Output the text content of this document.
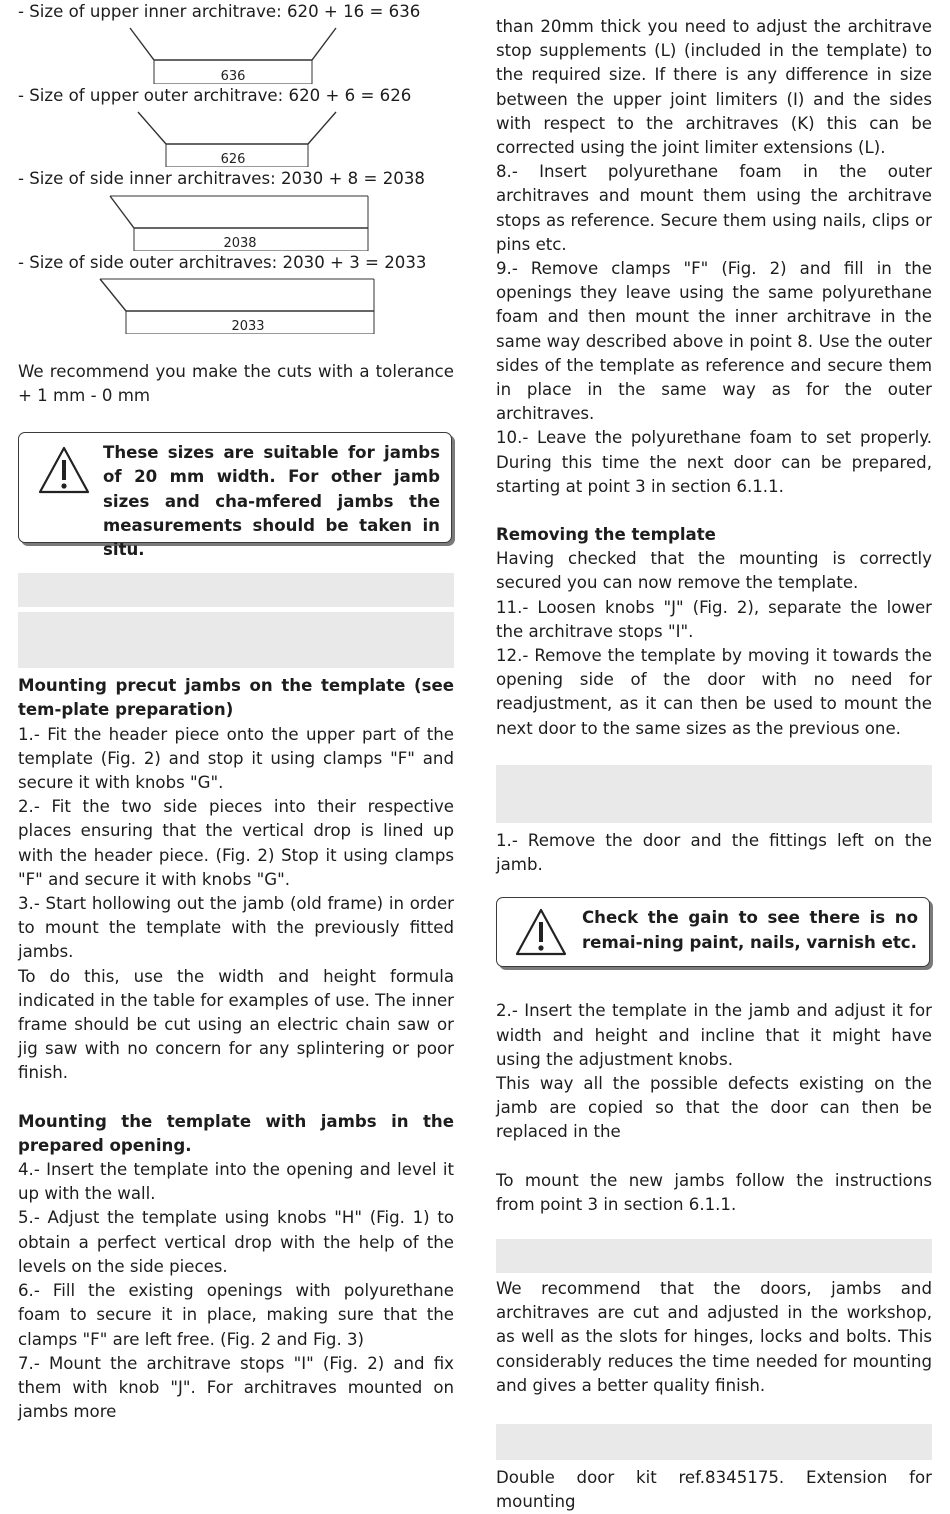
- Size of upper inner architrave: 620 + 16 = 636
636
- Size of upper outer architrave: 620 + 6 = 626
626
- Size of side inner architraves: 2030 + 8 = 2038
2038
- Size of side outer architraves: 2030 + 3 = 2033
2033

We recommend you make the cuts with a tolerance + 1 mm - 0 mm

These sizes are suitable for jambs of 20 mm width. For other jamb sizes and cha-mfered jambs the measurements should be taken in situ.

Mounting precut jambs on the template (see tem-plate preparation)

1.- Fit the header piece onto the upper part of the template (Fig. 2) and stop it using clamps "F" and secure it with knobs "G".

2.- Fit the two side pieces into their respective places ensuring that the vertical drop is lined up with the header piece. (Fig. 2) Stop it using clamps "F" and secure it with knobs "G".

3.- Start hollowing out the jamb (old frame) in order to mount the template with the previously fitted jambs.

To do this, use the width and height formula indicated in the table for examples of use. The inner frame should be cut using an electric chain saw or jig saw with no concern for any splintering or poor finish.

Mounting the template with jambs in the prepared opening.

4.- Insert the template into the opening and level it up with the wall.

5.- Adjust the template using knobs "H" (Fig. 1) to obtain a perfect vertical drop with the help of the levels on the side pieces.

6.- Fill the existing openings with polyurethane foam to secure it in place, making sure that the clamps "F" are left free. (Fig. 2 and Fig. 3)

7.- Mount the architrave stops "I" (Fig. 2) and fix them with knob "J". For architraves mounted on jambs more

than 20mm thick you need to adjust the architrave stop supplements (L) (included in the template) to the required size. If there is any difference in size between the upper joint limiters (I) and the sides with respect to the architraves (K) this can be corrected using the joint limiter extensions (L).

8.- Insert polyurethane foam in the outer architraves and mount them using the architrave stops as reference. Secure them using nails, clips or pins etc.

9.- Remove clamps "F" (Fig. 2) and fill in the openings they leave using the same polyurethane foam and then mount the inner architrave in the same way described above in point 8. Use the outer sides of the template as reference and secure them in place in the same way as for the outer architraves.

10.- Leave the polyurethane foam to set properly. During this time the next door can be prepared, starting at point 3 in section 6.1.1.

Removing the template

Having checked that the mounting is correctly secured you can now remove the template.

11.- Loosen knobs "J" (Fig. 2), separate the lower the architrave stops "I".

12.- Remove the template by moving it towards the opening side of the door with no need for readjustment, as it can then be used to mount the next door to the same sizes as the previous one.

1.- Remove the door and the fittings left on the jamb.

Check the gain to see there is no remai-ning paint, nails, varnish etc.

2.- Insert the template in the jamb and adjust it for width and height and incline that it might have using the adjustment knobs.

This way all the possible defects existing on the jamb are copied so that the door can then be replaced in the

To mount the new jambs follow the instructions from point 3 in section 6.1.1.

We recommend that the doors, jambs and architraves are cut and adjusted in the workshop, as well as the slots for hinges, locks and bolts. This considerably reduces the time needed for mounting and gives a better quality finish.

Double door kit ref.8345175. Extension for mounting
